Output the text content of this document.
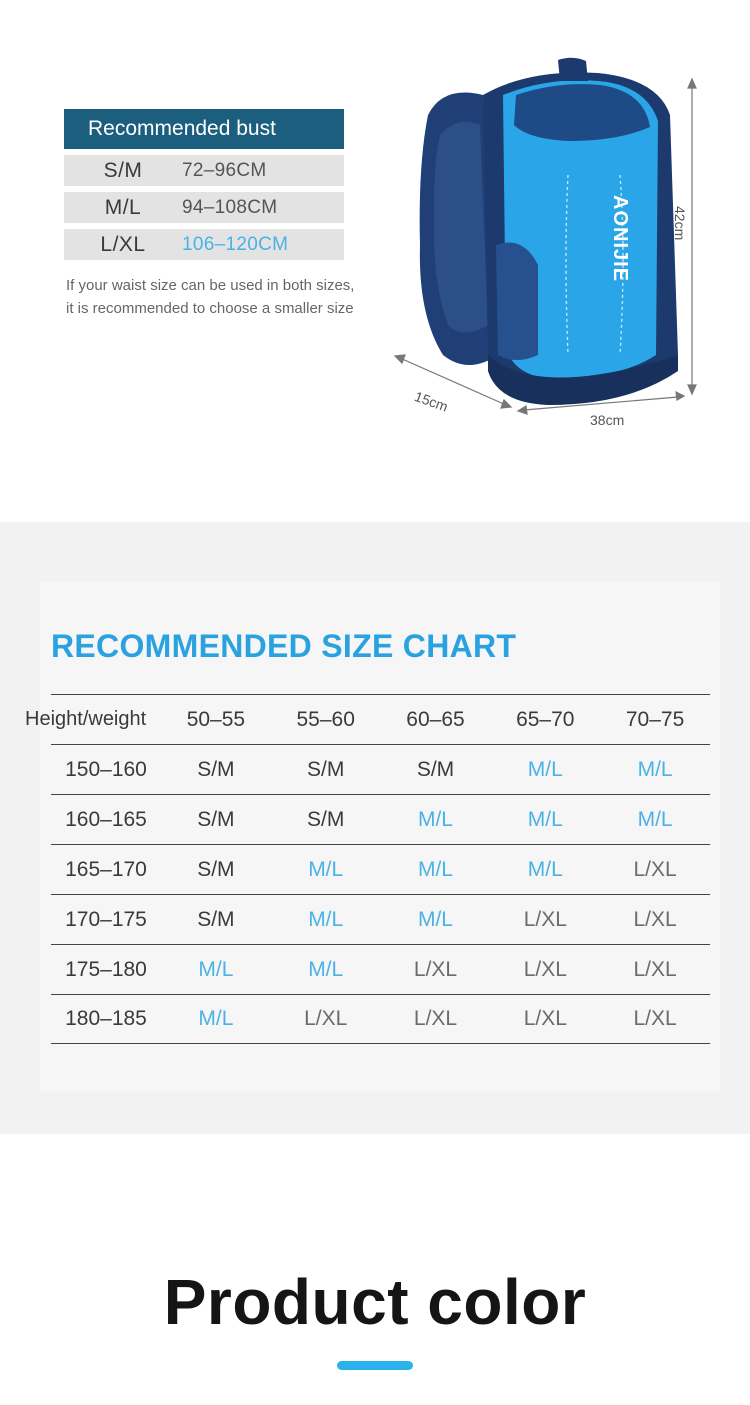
Recommended bust
S/M	72–96CM
M/L	94–108CM
L/XL	106–120CM

If your waist size can be used in both sizes, it is recommended to choose a smaller size

AONIJIE	42cm
15cm
38cm
RECOMMENDED SIZE CHART
Height/weight	50–55	55–60	60–65	65–70	70–75
150–160	S/M	S/M	S/M	M/L	M/L
160–165	S/M	S/M	M/L	M/L	M/L
165–170	S/M	M/L	M/L	M/L	L/XL
170–175	S/M	M/L	M/L	L/XL	L/XL
175–180	M/L	M/L	L/XL	L/XL	L/XL
180–185	M/L	L/XL	L/XL	L/XL	L/XL
Product color
